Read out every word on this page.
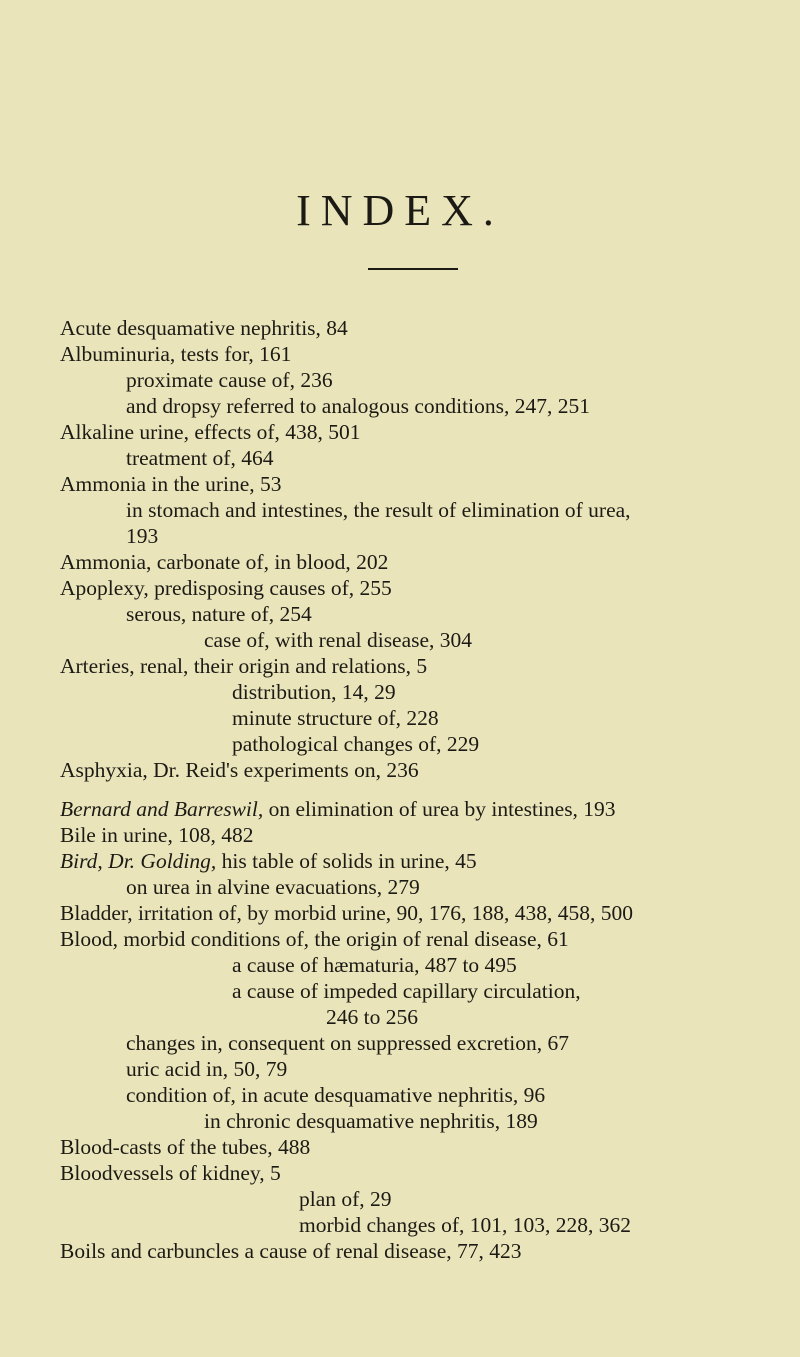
INDEX.
Acute desquamative nephritis, 84
Albuminuria, tests for, 161
proximate cause of, 236
and dropsy referred to analogous conditions, 247, 251
Alkaline urine, effects of, 438, 501
treatment of, 464
Ammonia in the urine, 53
in stomach and intestines, the result of elimination of urea,
193
Ammonia, carbonate of, in blood, 202
Apoplexy, predisposing causes of, 255
serous, nature of, 254
case of, with renal disease, 304
Arteries, renal, their origin and relations, 5
distribution, 14, 29
minute structure of, 228
pathological changes of, 229
Asphyxia, Dr. Reid's experiments on, 236
Bernard and Barreswil, on elimination of urea by intestines, 193
Bile in urine, 108, 482
Bird, Dr. Golding, his table of solids in urine, 45
on urea in alvine evacuations, 279
Bladder, irritation of, by morbid urine, 90, 176, 188, 438, 458, 500
Blood, morbid conditions of, the origin of renal disease, 61
a cause of hæmaturia, 487 to 495
a cause of impeded capillary circulation,
246 to 256
changes in, consequent on suppressed excretion, 67
uric acid in, 50, 79
condition of, in acute desquamative nephritis, 96
in chronic desquamative nephritis, 189
Blood-casts of the tubes, 488
Bloodvessels of kidney, 5
plan of, 29
morbid changes of, 101, 103, 228, 362
Boils and carbuncles a cause of renal disease, 77, 423
